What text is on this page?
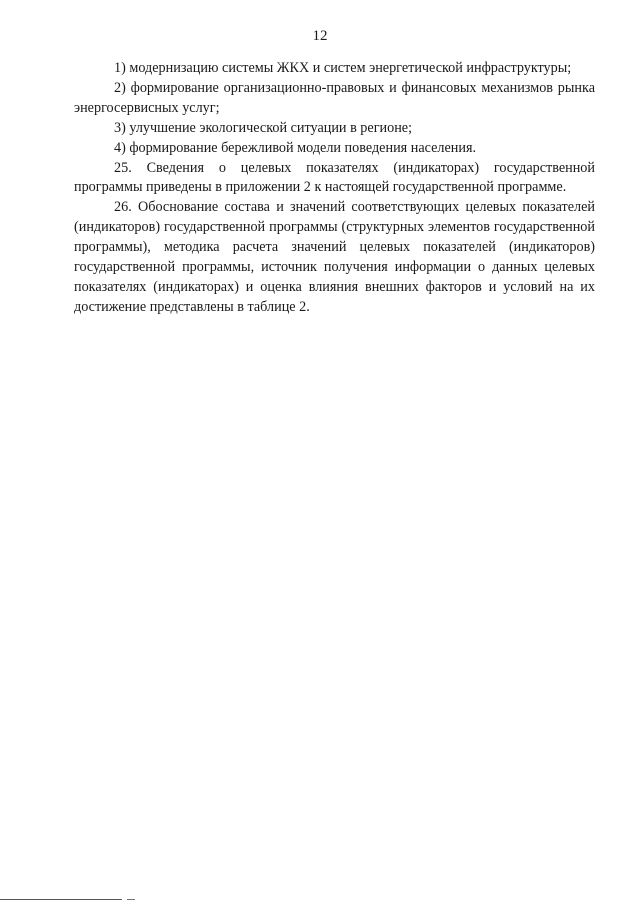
12

1) модернизацию системы ЖКХ и систем энергетической инфраструктуры;

2) формирование организационно-правовых и финансовых механизмов рынка энергосервисных услуг;

3) улучшение экологической ситуации в регионе;

4) формирование бережливой модели поведения населения.

25. Сведения о целевых показателях (индикаторах) государственной программы приведены в приложении 2 к настоящей государственной программе.

26. Обоснование состава и значений соответствующих целевых показателей (индикаторов) государственной программы (структурных элементов государственной программы), методика расчета значений целевых показателей (индикаторов) государственной программы, источник получения информации о данных целевых показателях (индикаторах) и оценка влияния внешних факторов и условий на их достижение представлены в таблице 2.
